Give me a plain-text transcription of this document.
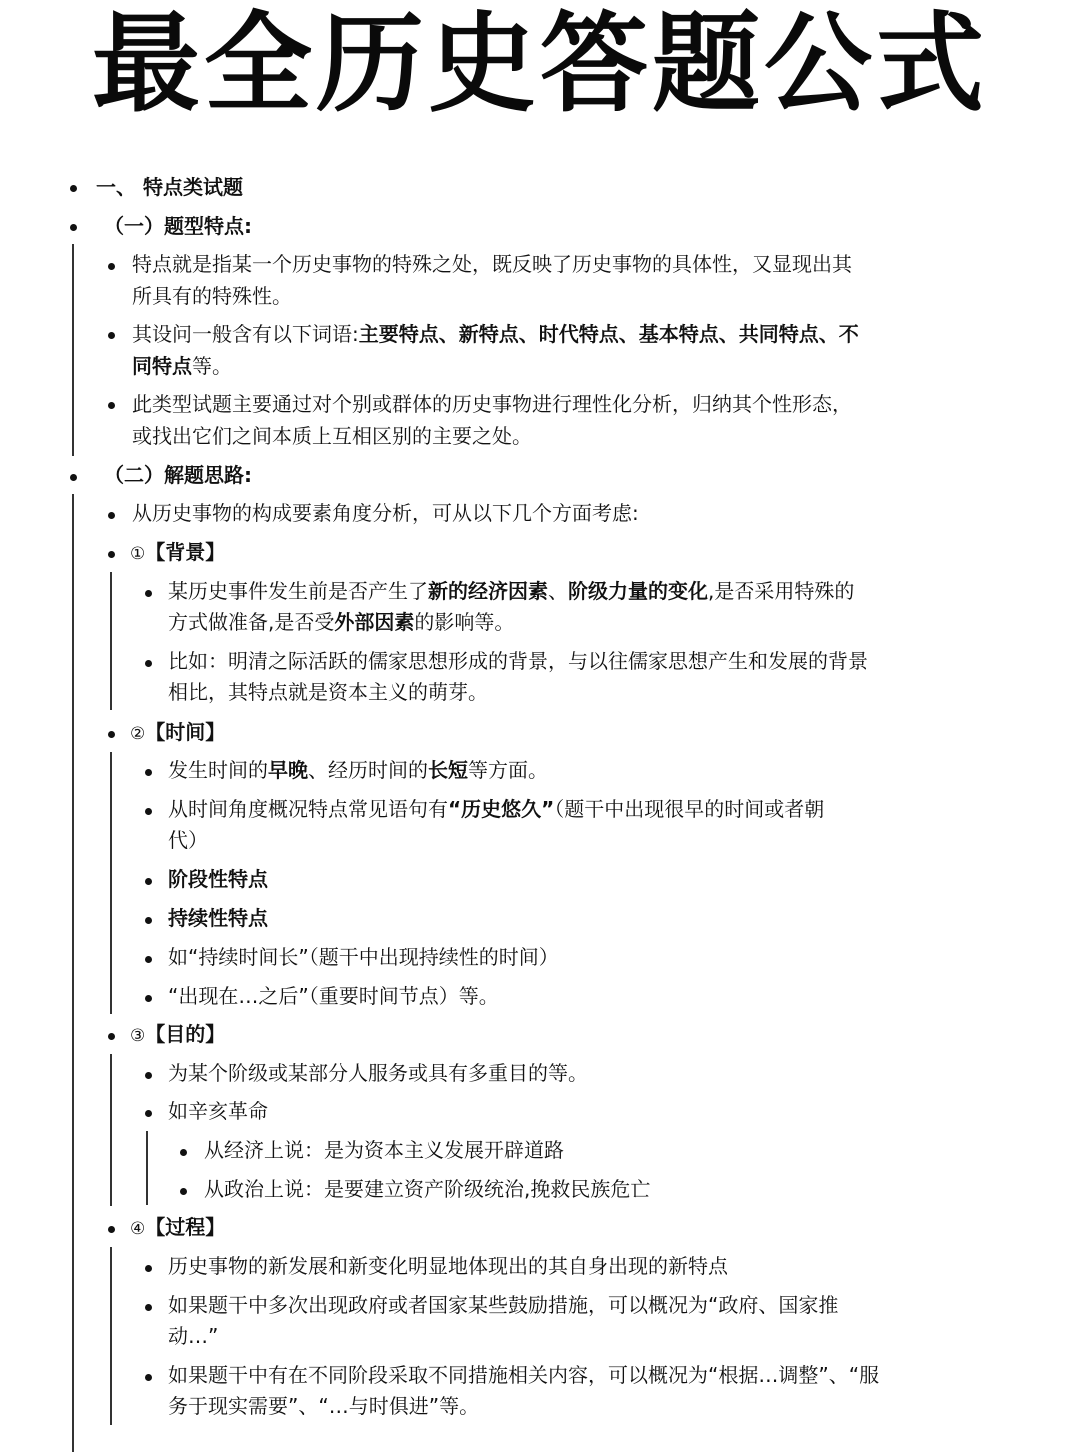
最全历史答题公式
一、 特点类试题
（一）题型特点:
特点就是指某一个历史事物的特殊之处，既反映了历史事物的具体性，又显现出其
所具有的特殊性。
其设问一般含有以下词语:主要特点、新特点、时代特点、基本特点、共同特点、不
同特点等。
此类型试题主要通过对个别或群体的历史事物进行理性化分析，归纳其个性形态，
或找出它们之间本质上互相区别的主要之处。
（二）解题思路:
从历史事物的构成要素角度分析，可从以下几个方面考虑:
①【背景】
某历史事件发生前是否产生了新的经济因素、阶级力量的变化,是否采用特殊的
方式做准备,是否受外部因素的影响等。
比如：明清之际活跃的儒家思想形成的背景，与以往儒家思想产生和发展的背景
相比，其特点就是资本主义的萌芽。
②【时间】
发生时间的早晚、经历时间的长短等方面。
从时间角度概况特点常见语句有“历史悠久”（题干中出现很早的时间或者朝
代）
阶段性特点
持续性特点
如“持续时间长”（题干中出现持续性的时间）
“出现在…之后”（重要时间节点）等。
③【目的】
为某个阶级或某部分人服务或具有多重目的等。
如辛亥革命
从经济上说：是为资本主义发展开辟道路
从政治上说：是要建立资产阶级统治,挽救民族危亡
④【过程】
历史事物的新发展和新变化明显地体现出的其自身出现的新特点
如果题干中多次出现政府或者国家某些鼓励措施，可以概况为“政府、国家推
动…”
如果题干中有在不同阶段采取不同措施相关内容，可以概况为“根据…调整”、“服
务于现实需要”、“…与时俱进”等。
